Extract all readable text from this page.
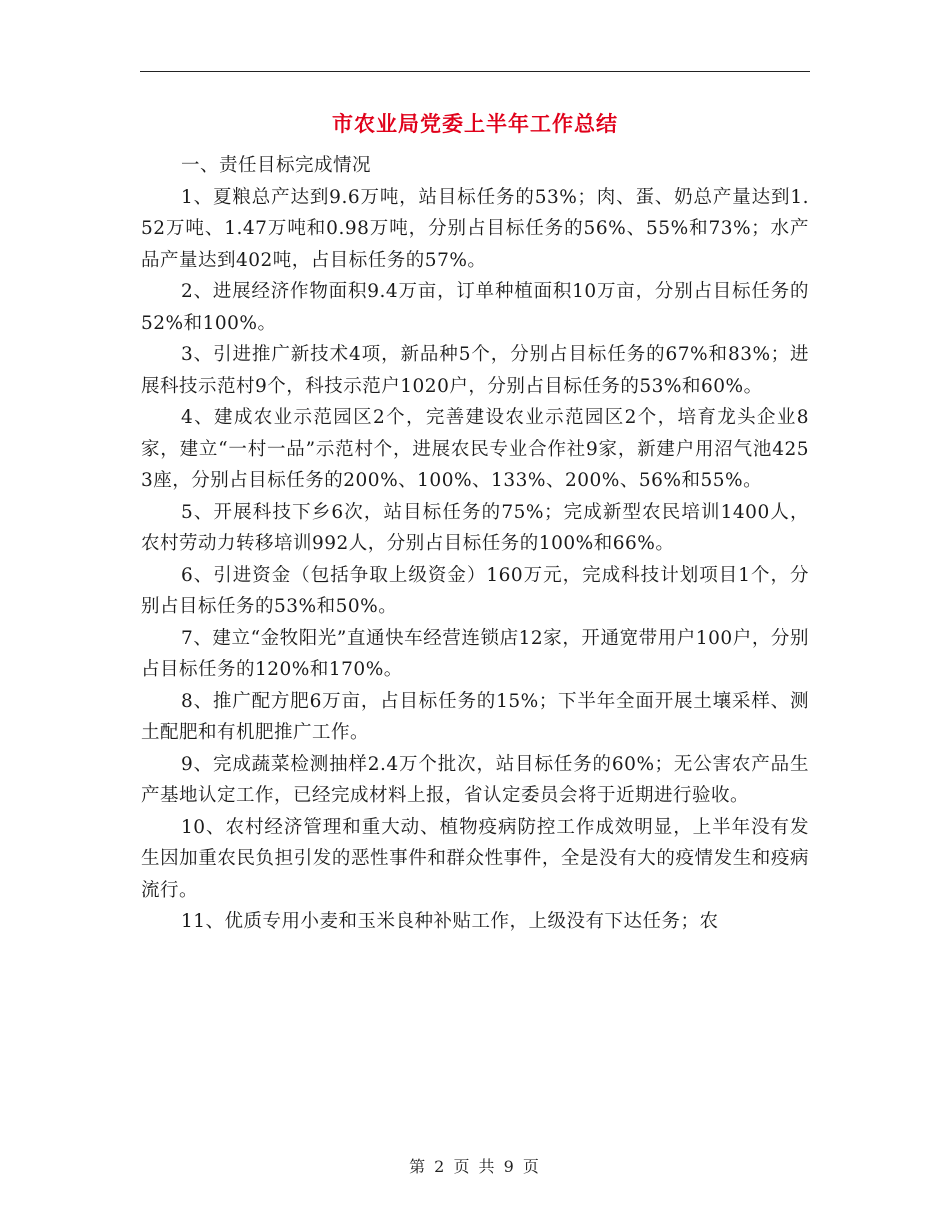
市农业局党委上半年工作总结

一、责任目标完成情况

1、夏粮总产达到9.6万吨，站目标任务的53%；肉、蛋、奶总产量达到1.52万吨、1.47万吨和0.98万吨，分别占目标任务的56%、55%和73%；水产品产量达到402吨，占目标任务的57%。

2、进展经济作物面积9.4万亩，订单种植面积10万亩，分别占目标任务的52%和100%。

3、引进推广新技术4项，新品种5个，分别占目标任务的67%和83%；进展科技示范村9个，科技示范户1020户，分别占目标任务的53%和60%。

4、建成农业示范园区2个，完善建设农业示范园区2个，培育龙头企业8家，建立“一村一品”示范村个，进展农民专业合作社9家，新建户用沼气池4253座，分别占目标任务的200%、100%、133%、200%、56%和55%。

5、开展科技下乡6次，站目标任务的75%；完成新型农民培训1400人，农村劳动力转移培训992人，分别占目标任务的100%和66%。

6、引进资金（包括争取上级资金）160万元，完成科技计划项目1个，分别占目标任务的53%和50%。

7、建立“金牧阳光”直通快车经营连锁店12家，开通宽带用户100户，分别占目标任务的120%和170%。

8、推广配方肥6万亩，占目标任务的15%；下半年全面开展土壤采样、测土配肥和有机肥推广工作。

9、完成蔬菜检测抽样2.4万个批次，站目标任务的60%；无公害农产品生产基地认定工作，已经完成材料上报，省认定委员会将于近期进行验收。

10、农村经济管理和重大动、植物疫病防控工作成效明显，上半年没有发生因加重农民负担引发的恶性事件和群众性事件，全是没有大的疫情发生和疫病流行。

11、优质专用小麦和玉米良种补贴工作，上级没有下达任务；农

第 2 页 共 9 页
